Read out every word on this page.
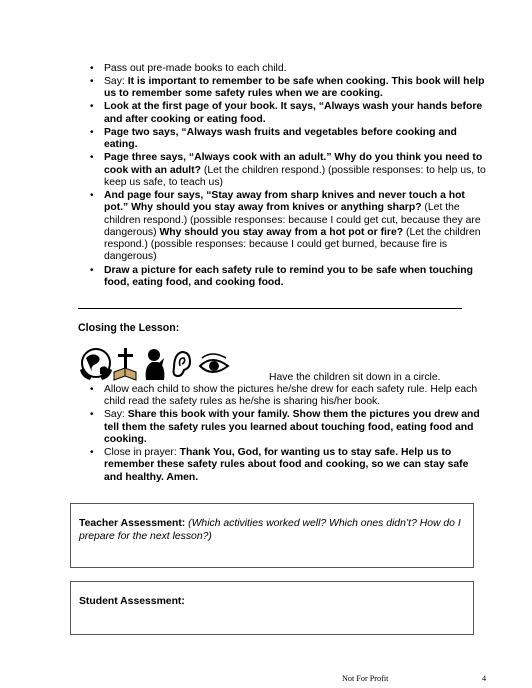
• Pass out pre-made books to each child.
• Say: It is important to remember to be safe when cooking. This book will help us to remember some safety rules when we are cooking.
• Look at the first page of your book. It says, “Always wash your hands before and after cooking or eating food.
• Page two says, “Always wash fruits and vegetables before cooking and eating.
• Page three says, “Always cook with an adult.” Why do you think you need to cook with an adult? (Let the children respond.) (possible responses: to help us, to keep us safe, to teach us)
• And page four says, “Stay away from sharp knives and never touch a hot pot.” Why should you stay away from knives or anything sharp? (Let the children respond.) (possible responses: because I could get cut, because they are dangerous) Why should you stay away from a hot pot or fire? (Let the children respond.) (possible responses: because I could get burned, because fire is dangerous)
• Draw a picture for each safety rule to remind you to be safe when touching food, eating food, and cooking food.
Closing the Lesson:
Have the children sit down in a circle.
• Allow each child to show the pictures he/she drew for each safety rule. Help each child read the safety rules as he/she is sharing his/her book.
• Say: Share this book with your family. Show them the pictures you drew and tell them the safety rules you learned about touching food, eating food and cooking.
• Close in prayer: Thank You, God, for wanting us to stay safe. Help us to remember these safety rules about food and cooking, so we can stay safe and healthy. Amen.
Teacher Assessment: (Which activities worked well? Which ones didn’t? How do I prepare for the next lesson?)
Student Assessment:
Not For Profit	4
